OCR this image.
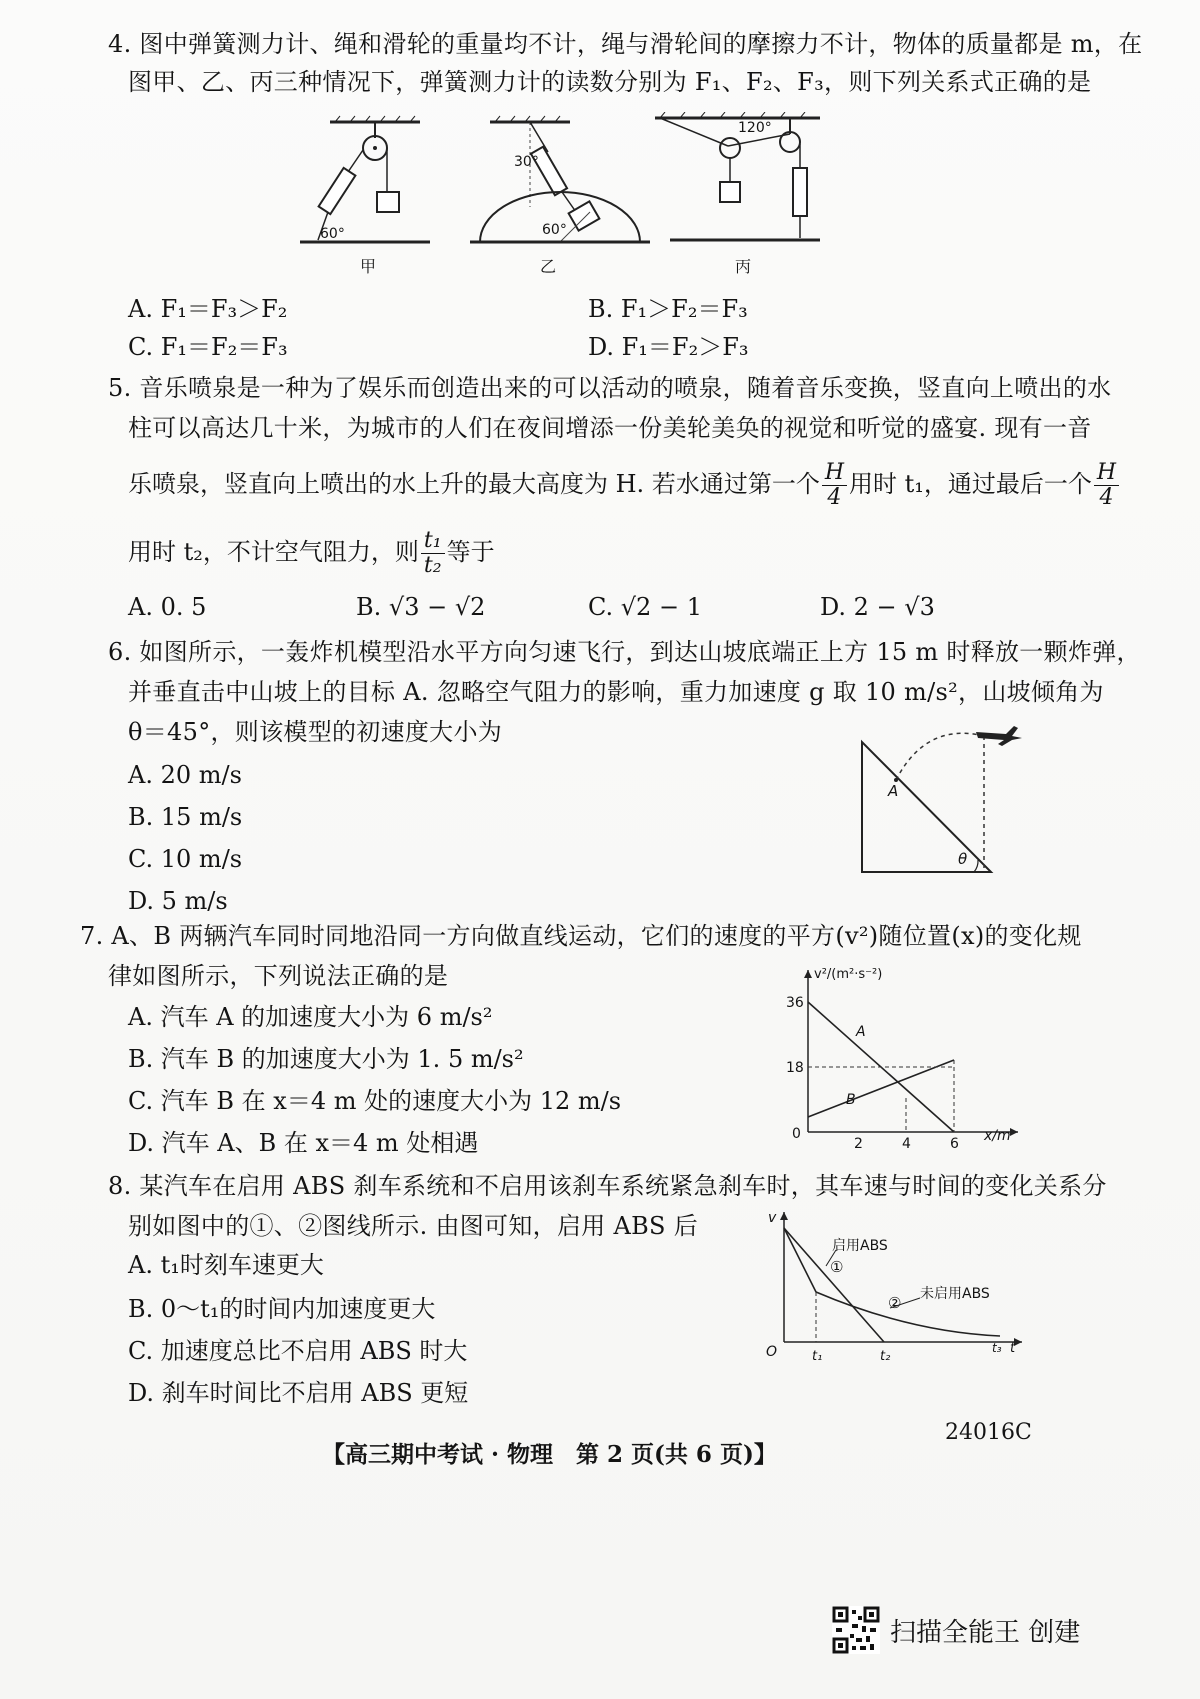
4. 图中弹簧测力计、绳和滑轮的重量均不计，绳与滑轮间的摩擦力不计，物体的质量都是 m，在
图甲、乙、丙三种情况下，弹簧测力计的读数分别为 F₁、F₂、F₃，则下列关系式正确的是
60°
甲
30°
60°
乙
120°
丙
A. F₁＝F₃＞F₂	B. F₁＞F₂＝F₃
C. F₁＝F₂＝F₃	D. F₁＝F₂＞F₃
5. 音乐喷泉是一种为了娱乐而创造出来的可以活动的喷泉，随着音乐变换，竖直向上喷出的水
柱可以高达几十米，为城市的人们在夜间增添一份美轮美奂的视觉和听觉的盛宴. 现有一音
乐喷泉，竖直向上喷出的水上升的最大高度为 H. 若水通过第一个 $\frac{H}{4}$ 用时 t₁，通过最后一个 $\frac{H}{4}$
用时 t₂，不计空气阻力，则 $\frac{\text{t₁}}{\text{t₂}}$ 等于
A. 0. 5	B. √3 − √2	C. √2 − 1	D. 2 − √3
6. 如图所示，一轰炸机模型沿水平方向匀速飞行，到达山坡底端正上方 15 m 时释放一颗炸弹，
并垂直击中山坡上的目标 A. 忽略空气阻力的影响，重力加速度 g 取 10 m/s²，山坡倾角为
θ＝45°，则该模型的初速度大小为
A. 20 m/s
B. 15 m/s
C. 10 m/s
D. 5 m/s
A
θ
7. A、B 两辆汽车同时同地沿同一方向做直线运动，它们的速度的平方(v²)随位置(x)的变化规
律如图所示，下列说法正确的是
A. 汽车 A 的加速度大小为 6 m/s²
B. 汽车 B 的加速度大小为 1. 5 m/s²
C. 汽车 B 在 x＝4 m 处的速度大小为 12 m/s
D. 汽车 A、B 在 x＝4 m 处相遇
v²/(m²·s⁻²)
36
18
0
2	4	6 x/m
A
B
8. 某汽车在启用 ABS 刹车系统和不启用该刹车系统紧急刹车时，其车速与时间的变化关系分
别如图中的①、②图线所示. 由图可知，启用 ABS 后
A. t₁时刻车速更大
B. 0～t₁的时间内加速度更大
C. 加速度总比不启用 ABS 时大
D. 刹车时间比不启用 ABS 更短
v
O	t₁	t₂
t₃ t
启用ABS
①
② 未启用ABS
【高三期中考试 · 物理　第 2 页(共 6 页)】
24016C
扫描全能王 创建
